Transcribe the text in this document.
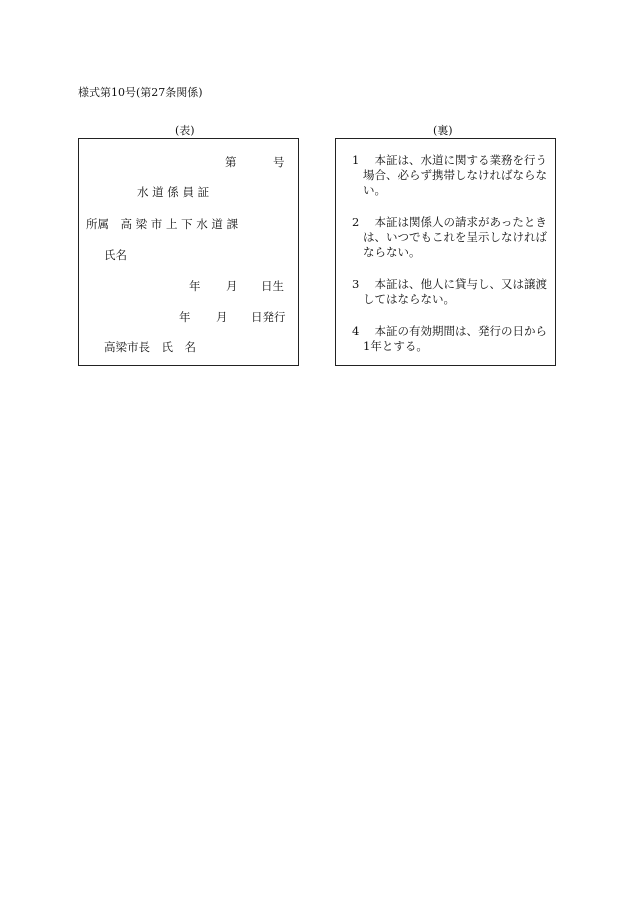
様式第10号(第27条関係)
(表)	(裏)
第	号
水 道 係 員 証
所属　高 梁 市 上 下 水 道 課
氏名
年 月 日生
年 月 日発行
高梁市長　氏　名
1	本証は、水道に関する業務を行う場合、必らず携帯しなければならない。
2	本証は関係人の請求があったときは、いつでもこれを呈示しなければならない。
3	本証は、他人に貸与し、又は譲渡してはならない。
4	本証の有効期間は、発行の日から1年とする。
